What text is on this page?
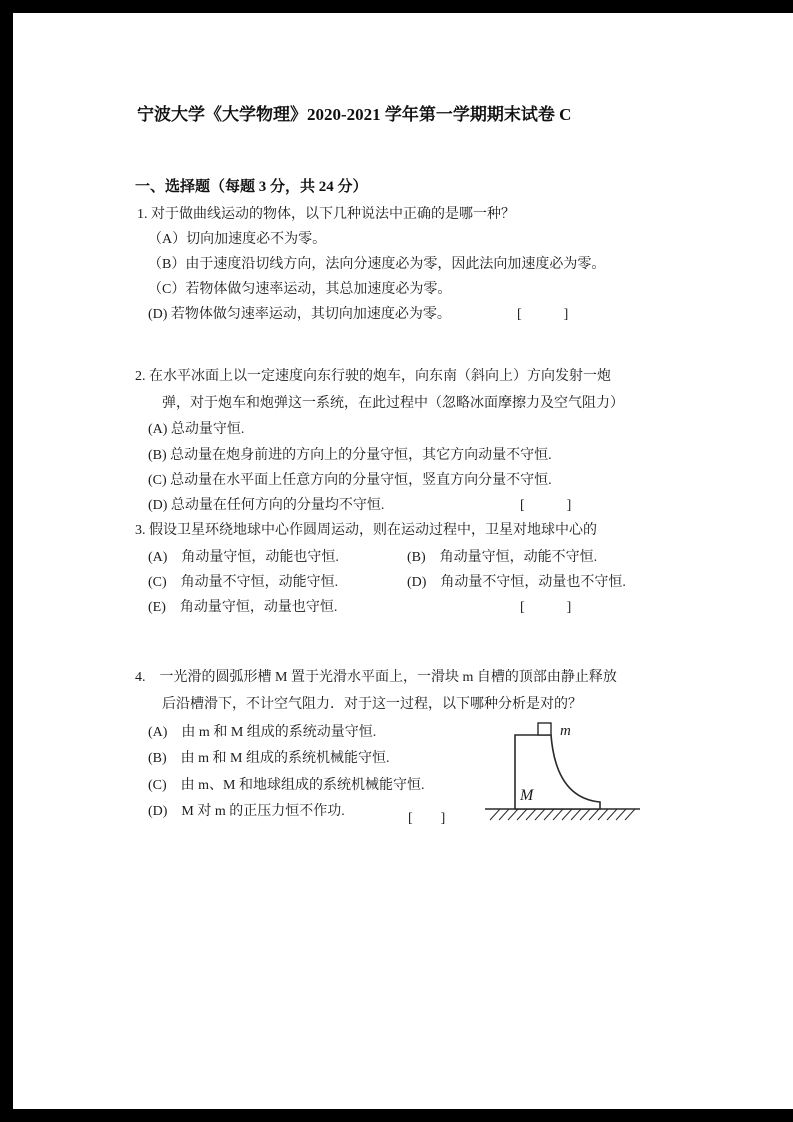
宁波大学《大学物理》2020-2021 学年第一学期期末试卷 C
一、选择题（每题 3 分，共 24 分）
1. 对于做曲线运动的物体，以下几种说法中正确的是哪一种？
（A）切向加速度必不为零。
（B）由于速度沿切线方向，法向分速度必为零，因此法向加速度必为零。
（C）若物体做匀速率运动，其总加速度必为零。
(D) 若物体做匀速率运动，其切向加速度必为零。	[　　　]
2. 在水平冰面上以一定速度向东行驶的炮车，向东南（斜向上）方向发射一炮
弹，对于炮车和炮弹这一系统，在此过程中（忽略冰面摩擦力及空气阻力）
(A) 总动量守恒.
(B) 总动量在炮身前进的方向上的分量守恒，其它方向动量不守恒.
(C) 总动量在水平面上任意方向的分量守恒，竖直方向分量不守恒.
(D) 总动量在任何方向的分量均不守恒.	[　　　]
3. 假设卫星环绕地球中心作圆周运动，则在运动过程中，卫星对地球中心的
(A)　角动量守恒，动能也守恒.	(B)　角动量守恒，动能不守恒.
(C)　角动量不守恒，动能守恒.	(D)　角动量不守恒，动量也不守恒.
(E)　角动量守恒，动量也守恒.	[　　　]
4.　一光滑的圆弧形槽 M 置于光滑水平面上，一滑块 m 自槽的顶部由静止释放
后沿槽滑下，不计空气阻力．对于这一过程，以下哪种分析是对的？
(A)　由 m 和 M 组成的系统动量守恒.
(B)　由 m 和 M 组成的系统机械能守恒.
(C)　由 m、M 和地球组成的系统机械能守恒.
(D)　M 对 m 的正压力恒不作功.	[　　]
m
M
